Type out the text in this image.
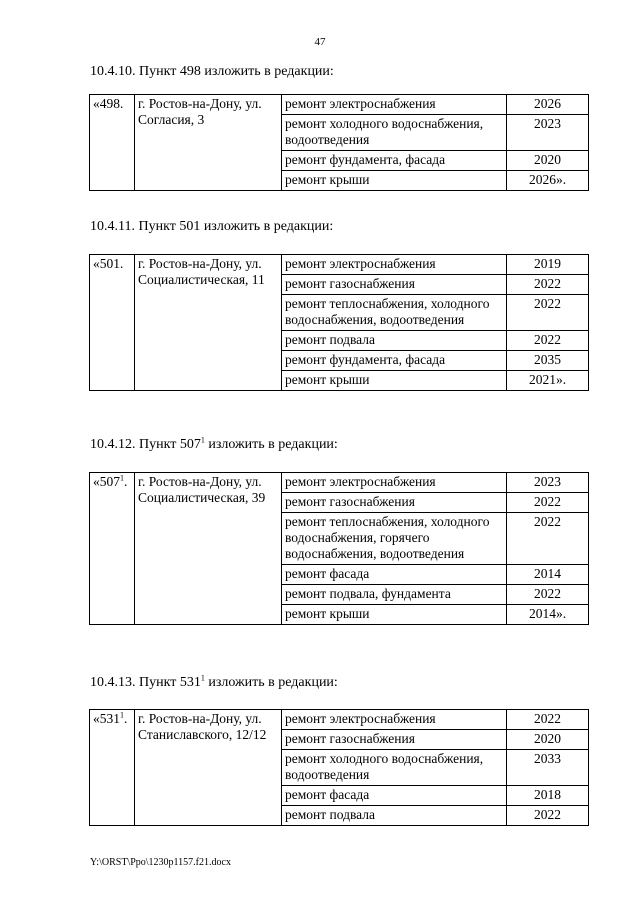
47
10.4.10. Пункт 498 изложить в редакции:
«498.	г. Ростов-на-Дону, ул. Согласия, 3	ремонт электроснабжения	2026
		ремонт холодного водоснабжения, водоотведения	2023
		ремонт фундамента, фасада	2020
		ремонт крыши	2026».
10.4.11. Пункт 501 изложить в редакции:
«501.	г. Ростов-на-Дону, ул. Социалистическая, 11	ремонт электроснабжения	2019
		ремонт газоснабжения	2022
		ремонт теплоснабжения, холодного водоснабжения, водоотведения	2022
		ремонт подвала	2022
		ремонт фундамента, фасада	2035
		ремонт крыши	2021».
10.4.12. Пункт $507^1$ изложить в редакции:
«$507^1$.	г. Ростов-на-Дону, ул. Социалистическая, 39	ремонт электроснабжения	2023
		ремонт газоснабжения	2022
		ремонт теплоснабжения, холодного водоснабжения, горячего водоснабжения, водоотведения	2022
		ремонт фасада	2014
		ремонт подвала, фундамента	2022
		ремонт крыши	2014».
10.4.13. Пункт $531^1$ изложить в редакции:
«$531^1$.	г. Ростов-на-Дону, ул. Станиславского, 12/12	ремонт электроснабжения	2022
		ремонт газоснабжения	2020
		ремонт холодного водоснабжения, водоотведения	2033
		ремонт фасада	2018
		ремонт подвала	2022
Y:\ORST\Ppo\1230p1157.f21.docx
